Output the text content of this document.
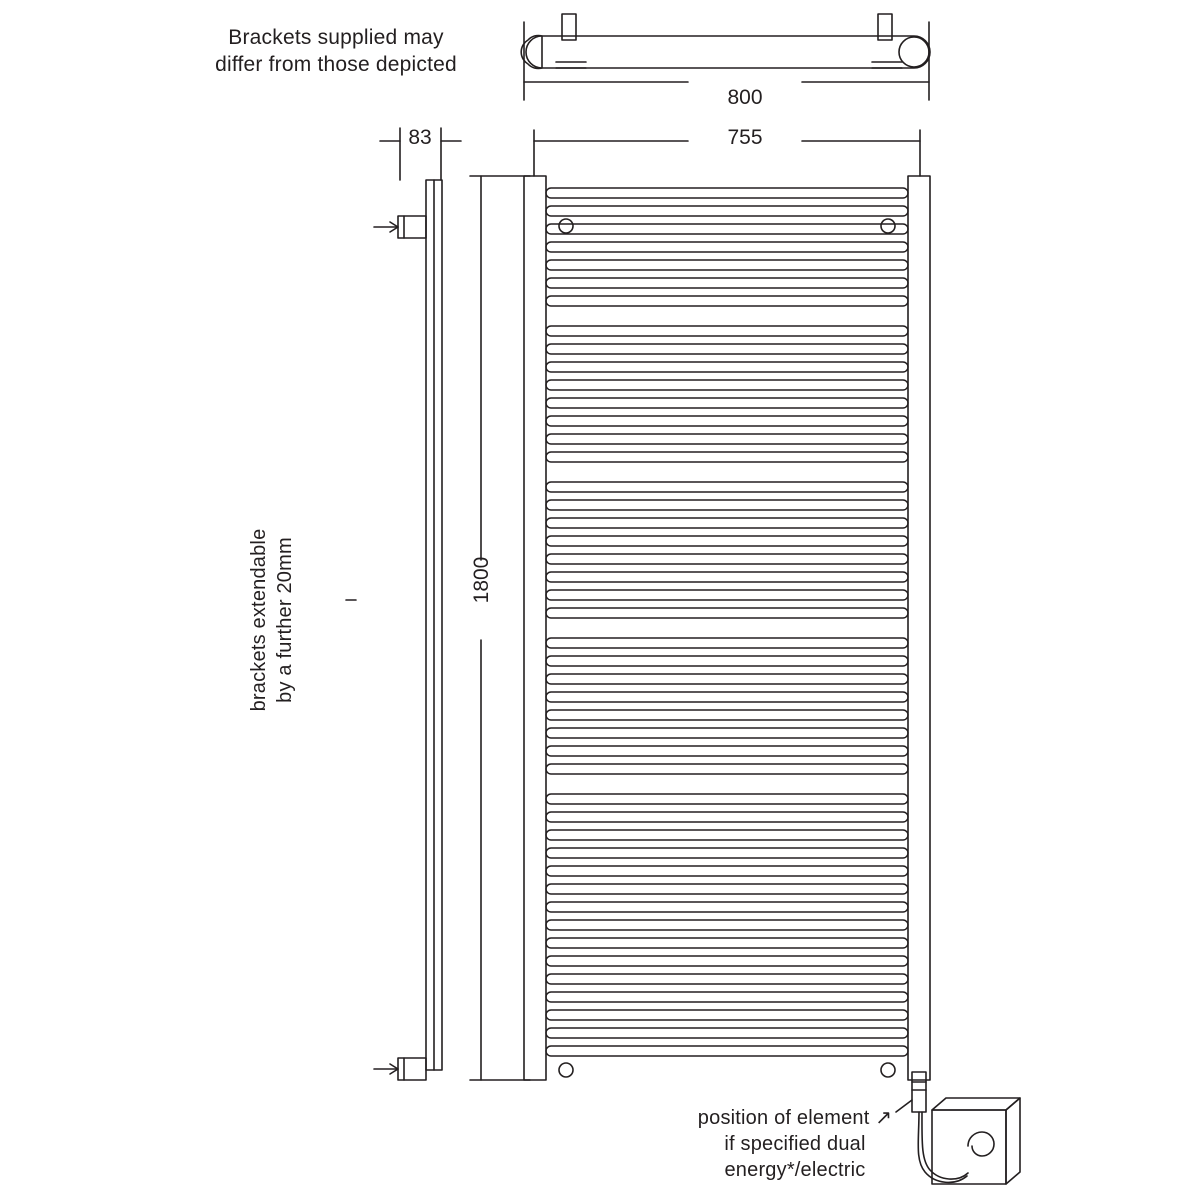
Brackets supplied may
differ from those depicted
brackets extendable by a further 20mm
position of element ↗
if specified dual
energy*/electric
800
755
83
1800
